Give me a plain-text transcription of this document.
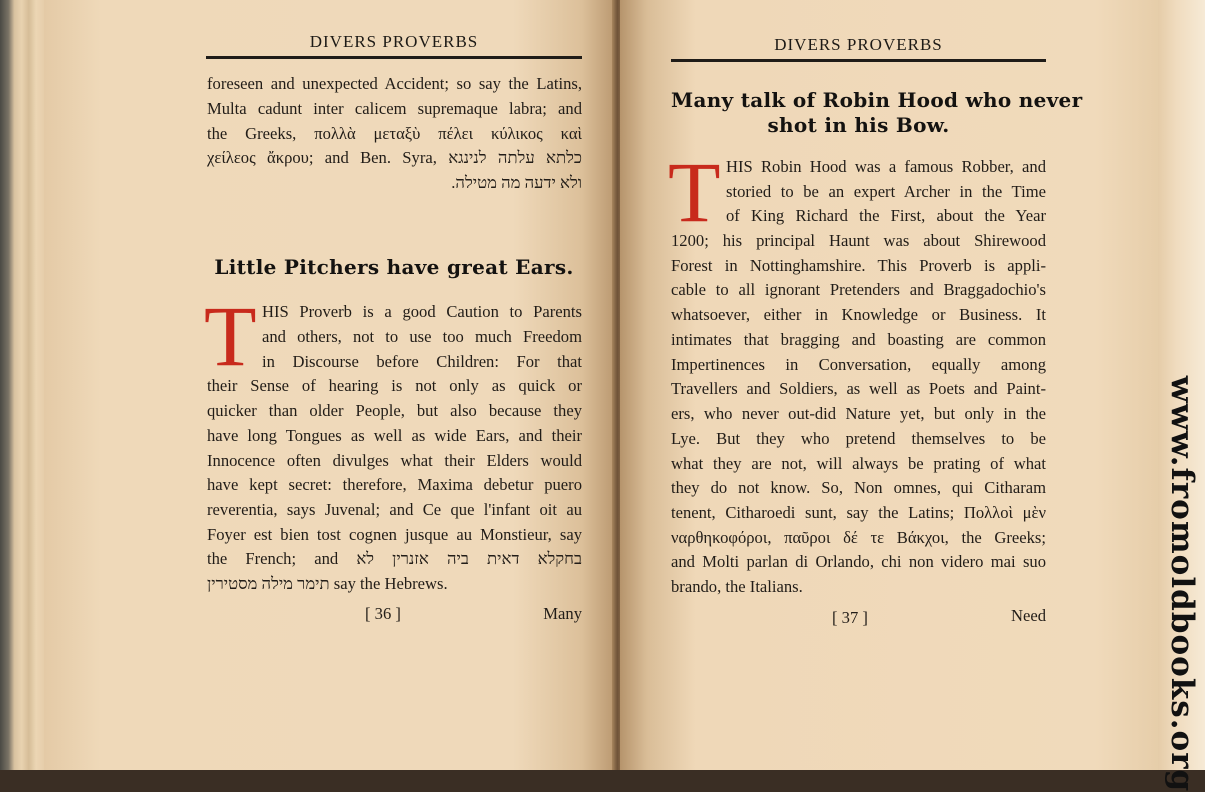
DIVERS PROVERBS
foreseen and unexpected Accident; so say the Latins,
Multa cadunt inter calicem supremaque labra; and
the Greeks, πολλὰ μεταξὺ πέλει κύλικος καὶ
χείλεος ἄκρου; and Ben. Syra, כלתא עלתה לנינגא
ולא ידעה מה מטילה.
Little Pitchers have great Ears.
T HIS Proverb is a good Caution to Parents
and others, not to use too much Freedom
in Discourse before Children: For that
their Sense of hearing is not only as quick or
quicker than older People, but also because they
have long Tongues as well as wide Ears, and their
Innocence often divulges what their Elders would
have kept secret: therefore, Maxima debetur puero
reverentia, says Juvenal; and Ce que l'infant oit au
Foyer est bien tost cognen jusque au Monstieur, say
the French; and בחקלא דאית ביה אזנרין לא
תימר מילה מסטירין say the Hebrews.
[ 36 ]	Many
DIVERS PROVERBS
Many talk of Robin Hood who never
shot in his Bow.
T HIS Robin Hood was a famous Robber, and
storied to be an expert Archer in the Time
of King Richard the First, about the Year
1200; his principal Haunt was about Shirewood
Forest in Nottinghamshire. This Proverb is appli-
cable to all ignorant Pretenders and Braggadochio's
whatsoever, either in Knowledge or Business. It
intimates that bragging and boasting are common
Impertinences in Conversation, equally among
Travellers and Soldiers, as well as Poets and Paint-
ers, who never out-did Nature yet, but only in the
Lye. But they who pretend themselves to be
what they are not, will always be prating of what
they do not know. So, Non omnes, qui Citharam
tenent, Citharoedi sunt, say the Latins; Πολλοὶ μὲν
ναρθηκοφόροι, παῦροι δέ τε Βάκχοι, the Greeks;
and Molti parlan di Orlando, chi non videro mai suo
brando, the Italians.
[ 37 ]	Need	www.fromoldbooks.org
